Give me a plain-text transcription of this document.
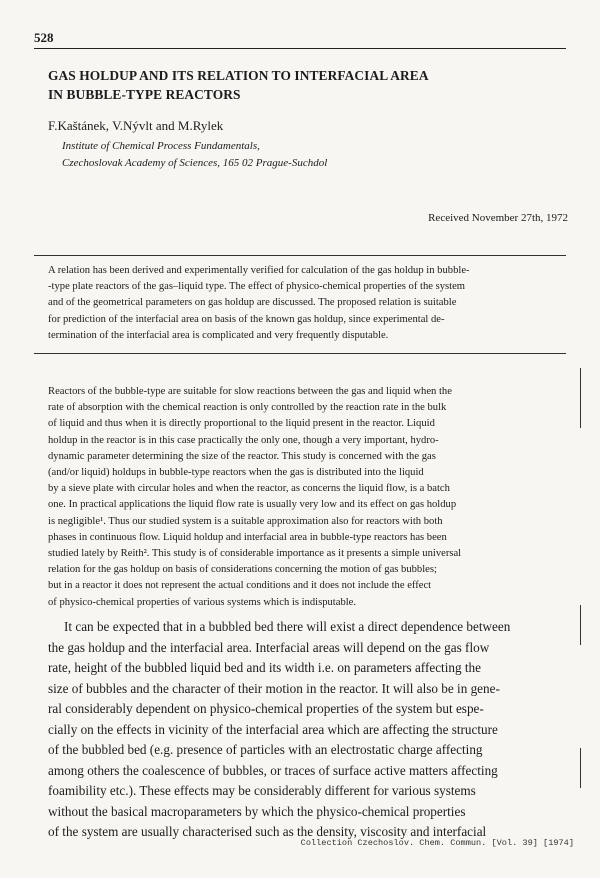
528
GAS HOLDUP AND ITS RELATION TO INTERFACIAL AREA
IN BUBBLE-TYPE REACTORS
F.Kaštánek, V.Nývlt and M.Rylek
Institute of Chemical Process Fundamentals,
Czechoslovak Academy of Sciences, 165 02 Prague-Suchdol
Received November 27th, 1972
A relation has been derived and experimentally verified for calculation of the gas holdup in bubble-
-type plate reactors of the gas–liquid type. The effect of physico-chemical properties of the system
and of the geometrical parameters on gas holdup are discussed. The proposed relation is suitable
for prediction of the interfacial area on basis of the known gas holdup, since experimental de-
termination of the interfacial area is complicated and very frequently disputable.
Reactors of the bubble-type are suitable for slow reactions between the gas and liquid when the
rate of absorption with the chemical reaction is only controlled by the reaction rate in the bulk
of liquid and thus when it is directly proportional to the liquid present in the reactor. Liquid
holdup in the reactor is in this case practically the only one, though a very important, hydro-
dynamic parameter determining the size of the reactor. This study is concerned with the gas
(and/or liquid) holdups in bubble-type reactors when the gas is distributed into the liquid
by a sieve plate with circular holes and when the reactor, as concerns the liquid flow, is a batch
one. In practical applications the liquid flow rate is usually very low and its effect on gas holdup
is negligible¹. Thus our studied system is a suitable approximation also for reactors with both
phases in continuous flow. Liquid holdup and interfacial area in bubble-type reactors has been
studied lately by Reith². This study is of considerable importance as it presents a simple universal
relation for the gas holdup on basis of considerations concerning the motion of gas bubbles;
but in a reactor it does not represent the actual conditions and it does not include the effect
of physico-chemical properties of various systems which is indisputable.
It can be expected that in a bubbled bed there will exist a direct dependence between
the gas holdup and the interfacial area. Interfacial areas will depend on the gas flow
rate, height of the bubbled liquid bed and its width i.e. on parameters affecting the
size of bubbles and the character of their motion in the reactor. It will also be in gene-
ral considerably dependent on physico-chemical properties of the system but espe-
cially on the effects in vicinity of the interfacial area which are affecting the structure
of the bubbled bed (e.g. presence of particles with an electrostatic charge affecting
among others the coalescence of bubbles, or traces of surface active matters affecting
foamibility etc.). These effects may be considerably different for various systems
without the basical macroparameters by which the physico-chemical properties
of the system are usually characterised such as the density, viscosity and interfacial
Collection Czechoslov. Chem. Commun. [Vol. 39] [1974]
